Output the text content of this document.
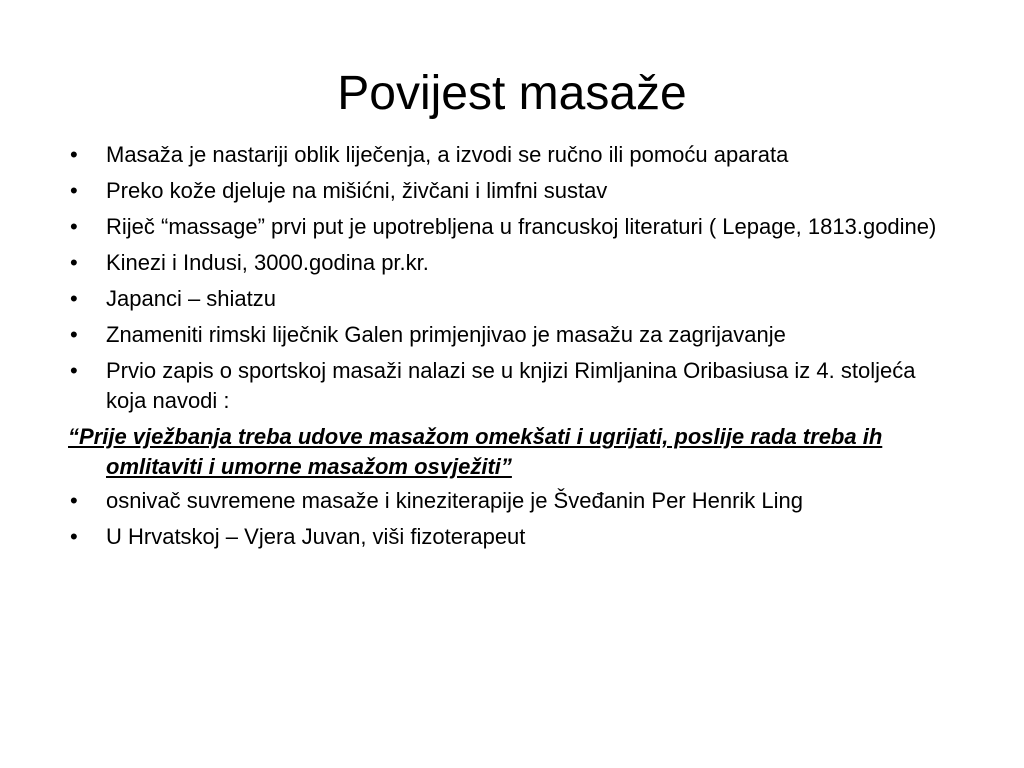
Povijest masaže
• Masaža je nastariji oblik liječenja, a izvodi se ručno ili pomoću aparata
• Preko kože djeluje na mišićni, živčani i limfni sustav
• Riječ “massage” prvi put je upotrebljena u francuskoj literaturi ( Lepage, 1813.godine)
• Kinezi i Indusi, 3000.godina pr.kr.
• Japanci – shiatzu
• Znameniti rimski liječnik Galen primjenjivao je masažu za zagrijavanje
• Prvio zapis o sportskoj masaži nalazi se u knjizi Rimljanina Oribasiusa iz 4. stoljeća koja navodi :
“Prije vježbanja treba udove masažom omekšati i ugrijati, poslije rada treba ih omlitaviti i umorne masažom osvježiti”
• osnivač suvremene masaže i kineziterapije je Šveđanin Per Henrik Ling
• U Hrvatskoj – Vjera Juvan, viši fizoterapeut
